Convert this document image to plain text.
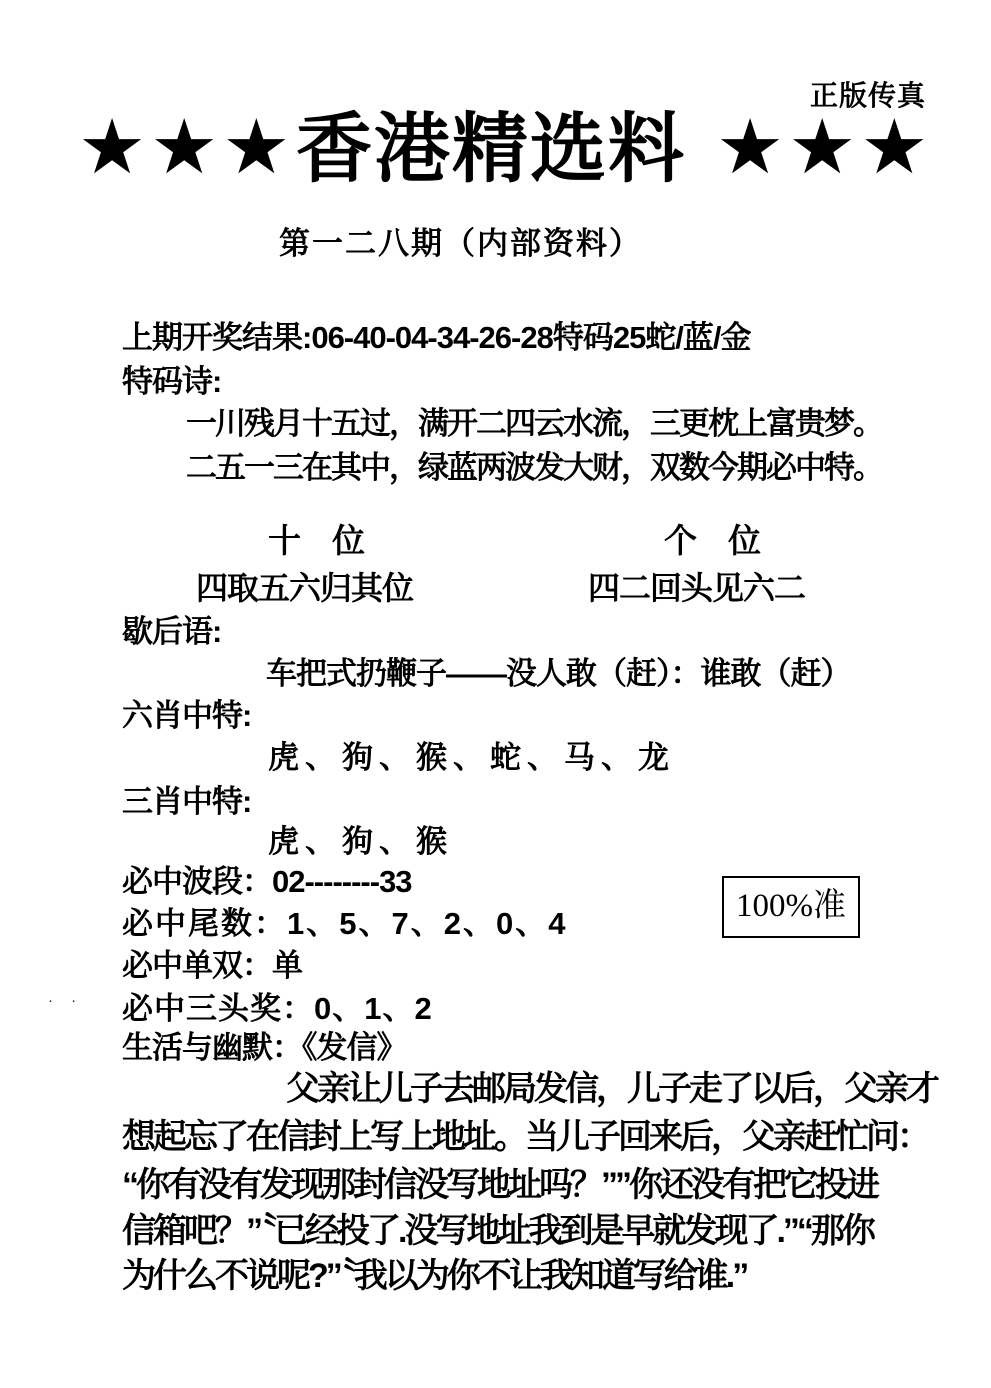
正版传真
★★★ 香港精选料 ★★★
第一二八期（内部资料）
上期开奖结果:06-40-04-34-26-28特码25蛇/蓝/金
特码诗:
一川残月十五过，满开二四云水流，三更枕上富贵梦。
二五一三在其中，绿蓝两波发大财，双数今期必中特。
十　位	个　位
四取五六归其位	四二回头见六二
歇后语:
车把式扔鞭子——没人敢（赶）：谁敢（赶）
六肖中特:
虎、狗、猴、蛇、马、龙
三肖中特:
虎、狗、猴
必中波段：02--------33
必中尾数：1、5、7、2、0、4
必中单双：单
必中三头奖：0、1、2
生活与幽默：《发信》
100%准
· ·
父亲让儿子去邮局发信，儿子走了以后，父亲才
想起忘了在信封上写上地址。当儿子回来后，父亲赶忙问：
“你有没有发现那封信没写地址吗？””你还没有把它投进
信箱吧？”〝已经投了.没写地址我到是早就发现了.”“那你
为什么不说呢?”〝我以为你不让我知道写给谁.”
